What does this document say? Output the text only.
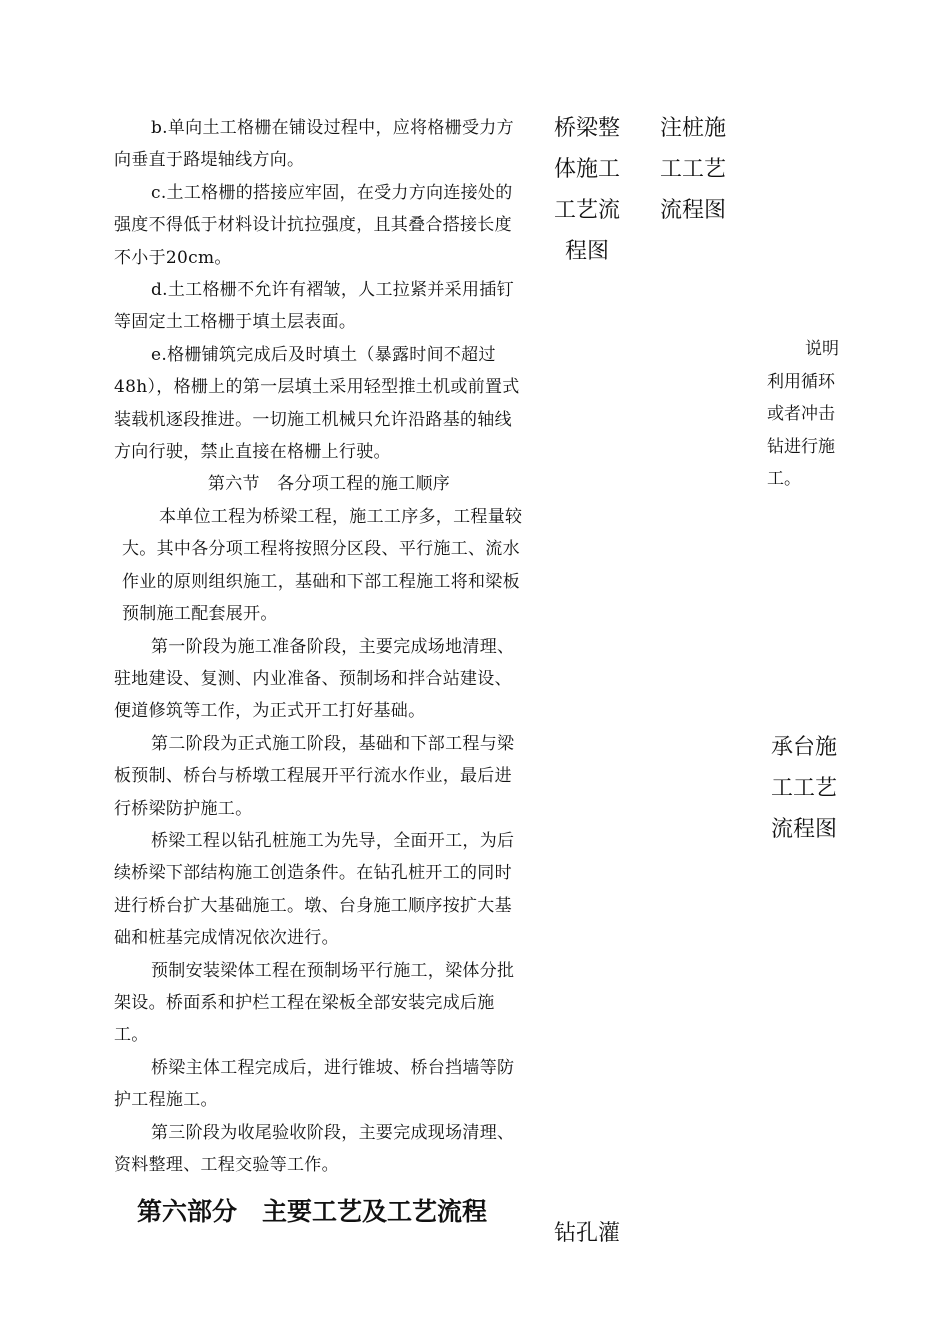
b.单向土工格栅在铺设过程中，应将格栅受力方向垂直于路堤轴线方向。

c.土工格栅的搭接应牢固，在受力方向连接处的强度不得低于材料设计抗拉强度，且其叠合搭接长度不小于20cm。

d.土工格栅不允许有褶皱，人工拉紧并采用插钉等固定土工格栅于填土层表面。

e.格栅铺筑完成后及时填土（暴露时间不超过48h），格栅上的第一层填土采用轻型推土机或前置式装载机逐段推进。一切施工机械只允许沿路基的轴线方向行驶，禁止直接在格栅上行驶。

第六节　各分项工程的施工顺序

本单位工程为桥梁工程，施工工序多，工程量较大。其中各分项工程将按照分区段、平行施工、流水作业的原则组织施工，基础和下部工程施工将和梁板预制施工配套展开。

第一阶段为施工准备阶段，主要完成场地清理、驻地建设、复测、内业准备、预制场和拌合站建设、便道修筑等工作，为正式开工打好基础。

第二阶段为正式施工阶段，基础和下部工程与梁板预制、桥台与桥墩工程展开平行流水作业，最后进行桥梁防护施工。

桥梁工程以钻孔桩施工为先导，全面开工，为后续桥梁下部结构施工创造条件。在钻孔桩开工的同时进行桥台扩大基础施工。墩、台身施工顺序按扩大基础和桩基完成情况依次进行。

预制安装梁体工程在预制场平行施工，梁体分批架设。桥面系和护栏工程在梁板全部安装完成后施工。

桥梁主体工程完成后，进行锥坡、桥台挡墙等防护工程施工。

第三阶段为收尾验收阶段，主要完成现场清理、资料整理、工程交验等工作。

第六部分　主要工艺及工艺流程
桥梁整
体施工
工艺流
程图
注桩施
工工艺
流程图
说明
利用循环
或者冲击
钻进行施
工。
承台施
工工艺
流程图
钻孔灌
